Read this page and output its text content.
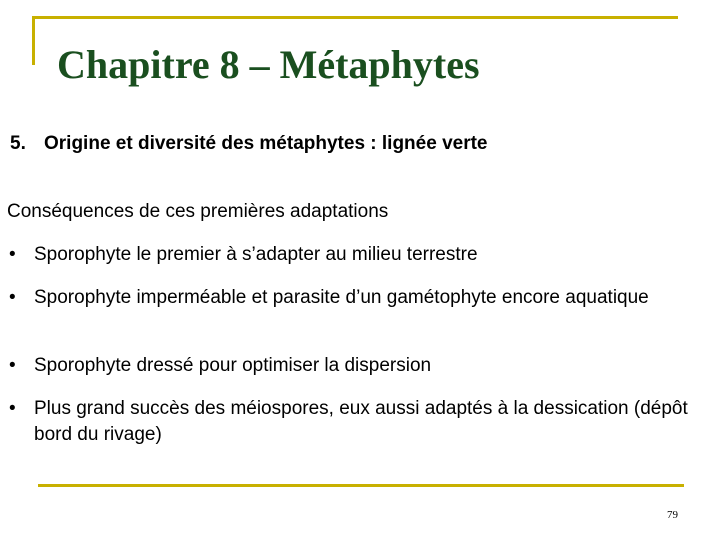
Chapitre 8 – Métaphytes
5. Origine et diversité des métaphytes : lignée verte

Conséquences de ces premières adaptations

• Sporophyte le premier à s’adapter au milieu terrestre
• Sporophyte imperméable et parasite d’un gamétophyte encore aquatique
• Sporophyte dressé pour optimiser la dispersion
• Plus grand succès des méiospores, eux aussi adaptés à la dessication (dépôt bord du rivage)
79
